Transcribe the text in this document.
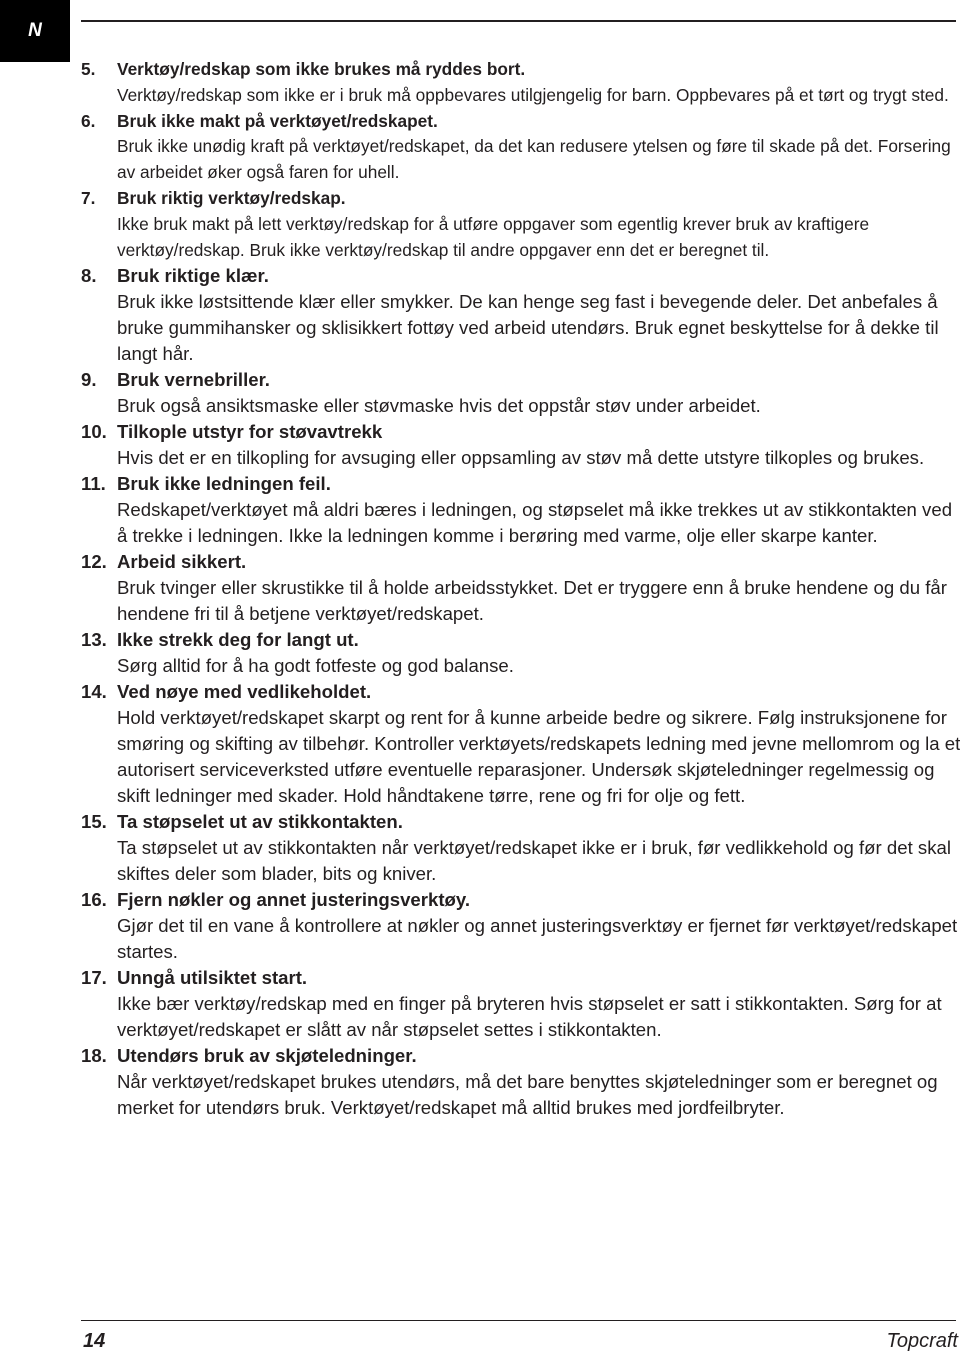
N
5.	Verktøy/redskap som ikke brukes må ryddes bort.
Verktøy/redskap som ikke er i bruk må oppbevares utilgjengelig for barn. Oppbevares på et tørt og trygt sted.
6.	Bruk ikke makt på verktøyet/redskapet.
Bruk ikke unødig kraft på verktøyet/redskapet, da det kan redusere ytelsen og føre til skade på det. Forsering av arbeidet øker også faren for uhell.
7.	Bruk riktig verktøy/redskap.
Ikke bruk makt på lett verktøy/redskap for å utføre oppgaver som egentlig krever bruk av kraftigere verktøy/redskap. Bruk ikke verktøy/redskap til andre oppgaver enn det er beregnet til.
8.	Bruk riktige klær.
Bruk ikke løstsittende klær eller smykker. De kan henge seg fast i bevegende deler. Det anbefales å bruke gummihansker og sklisikkert fottøy ved arbeid utendørs. Bruk egnet beskyttelse for å dekke til langt hår.
9.	Bruk vernebriller.
Bruk også ansiktsmaske eller støvmaske hvis det oppstår støv under arbeidet.
10. Tilkople utstyr for støvavtrekk
Hvis det er en tilkopling for avsuging eller oppsamling av støv må dette utstyre tilkoples og brukes.
11. Bruk ikke ledningen feil.
Redskapet/verktøyet må aldri bæres i ledningen, og støpselet må ikke trekkes ut av stikkontakten ved å trekke i ledningen. Ikke la ledningen komme i berøring med varme, olje eller skarpe kanter.
12. Arbeid sikkert.
Bruk tvinger eller skrustikke til å holde arbeidsstykket. Det er tryggere enn å bruke hendene og du får hendene fri til å betjene verktøyet/redskapet.
13. Ikke strekk deg for langt ut.
Sørg alltid for å ha godt fotfeste og god balanse.
14. Ved nøye med vedlikeholdet.
Hold verktøyet/redskapet skarpt og rent for å kunne arbeide bedre og sikrere. Følg instruksjonene for smøring og skifting av tilbehør. Kontroller verktøyets/redskapets ledning med jevne mellomrom og la et autorisert serviceverksted utføre eventuelle reparasjoner. Undersøk skjøteledninger regelmessig og skift ledninger med skader. Hold håndtakene tørre, rene og fri for olje og fett.
15. Ta støpselet ut av stikkontakten.
Ta støpselet ut av stikkontakten når verktøyet/redskapet ikke er i bruk, før vedlikkehold og før det skal skiftes deler som blader, bits og kniver.
16. Fjern nøkler og annet justeringsverktøy.
Gjør det til en vane å kontrollere at nøkler og annet justeringsverktøy er fjernet før verktøyet/redskapet startes.
17. Unngå utilsiktet start.
Ikke bær verktøy/redskap med en finger på bryteren hvis støpselet er satt i stikkontakten. Sørg for at verktøyet/redskapet er slått av når støpselet settes i stikkontakten.
18. Utendørs bruk av skjøteledninger.
Når verktøyet/redskapet brukes utendørs, må det bare benyttes skjøteledninger som er beregnet og merket for utendørs bruk. Verktøyet/redskapet må alltid brukes med jordfeilbryter.
14	Topcraft
